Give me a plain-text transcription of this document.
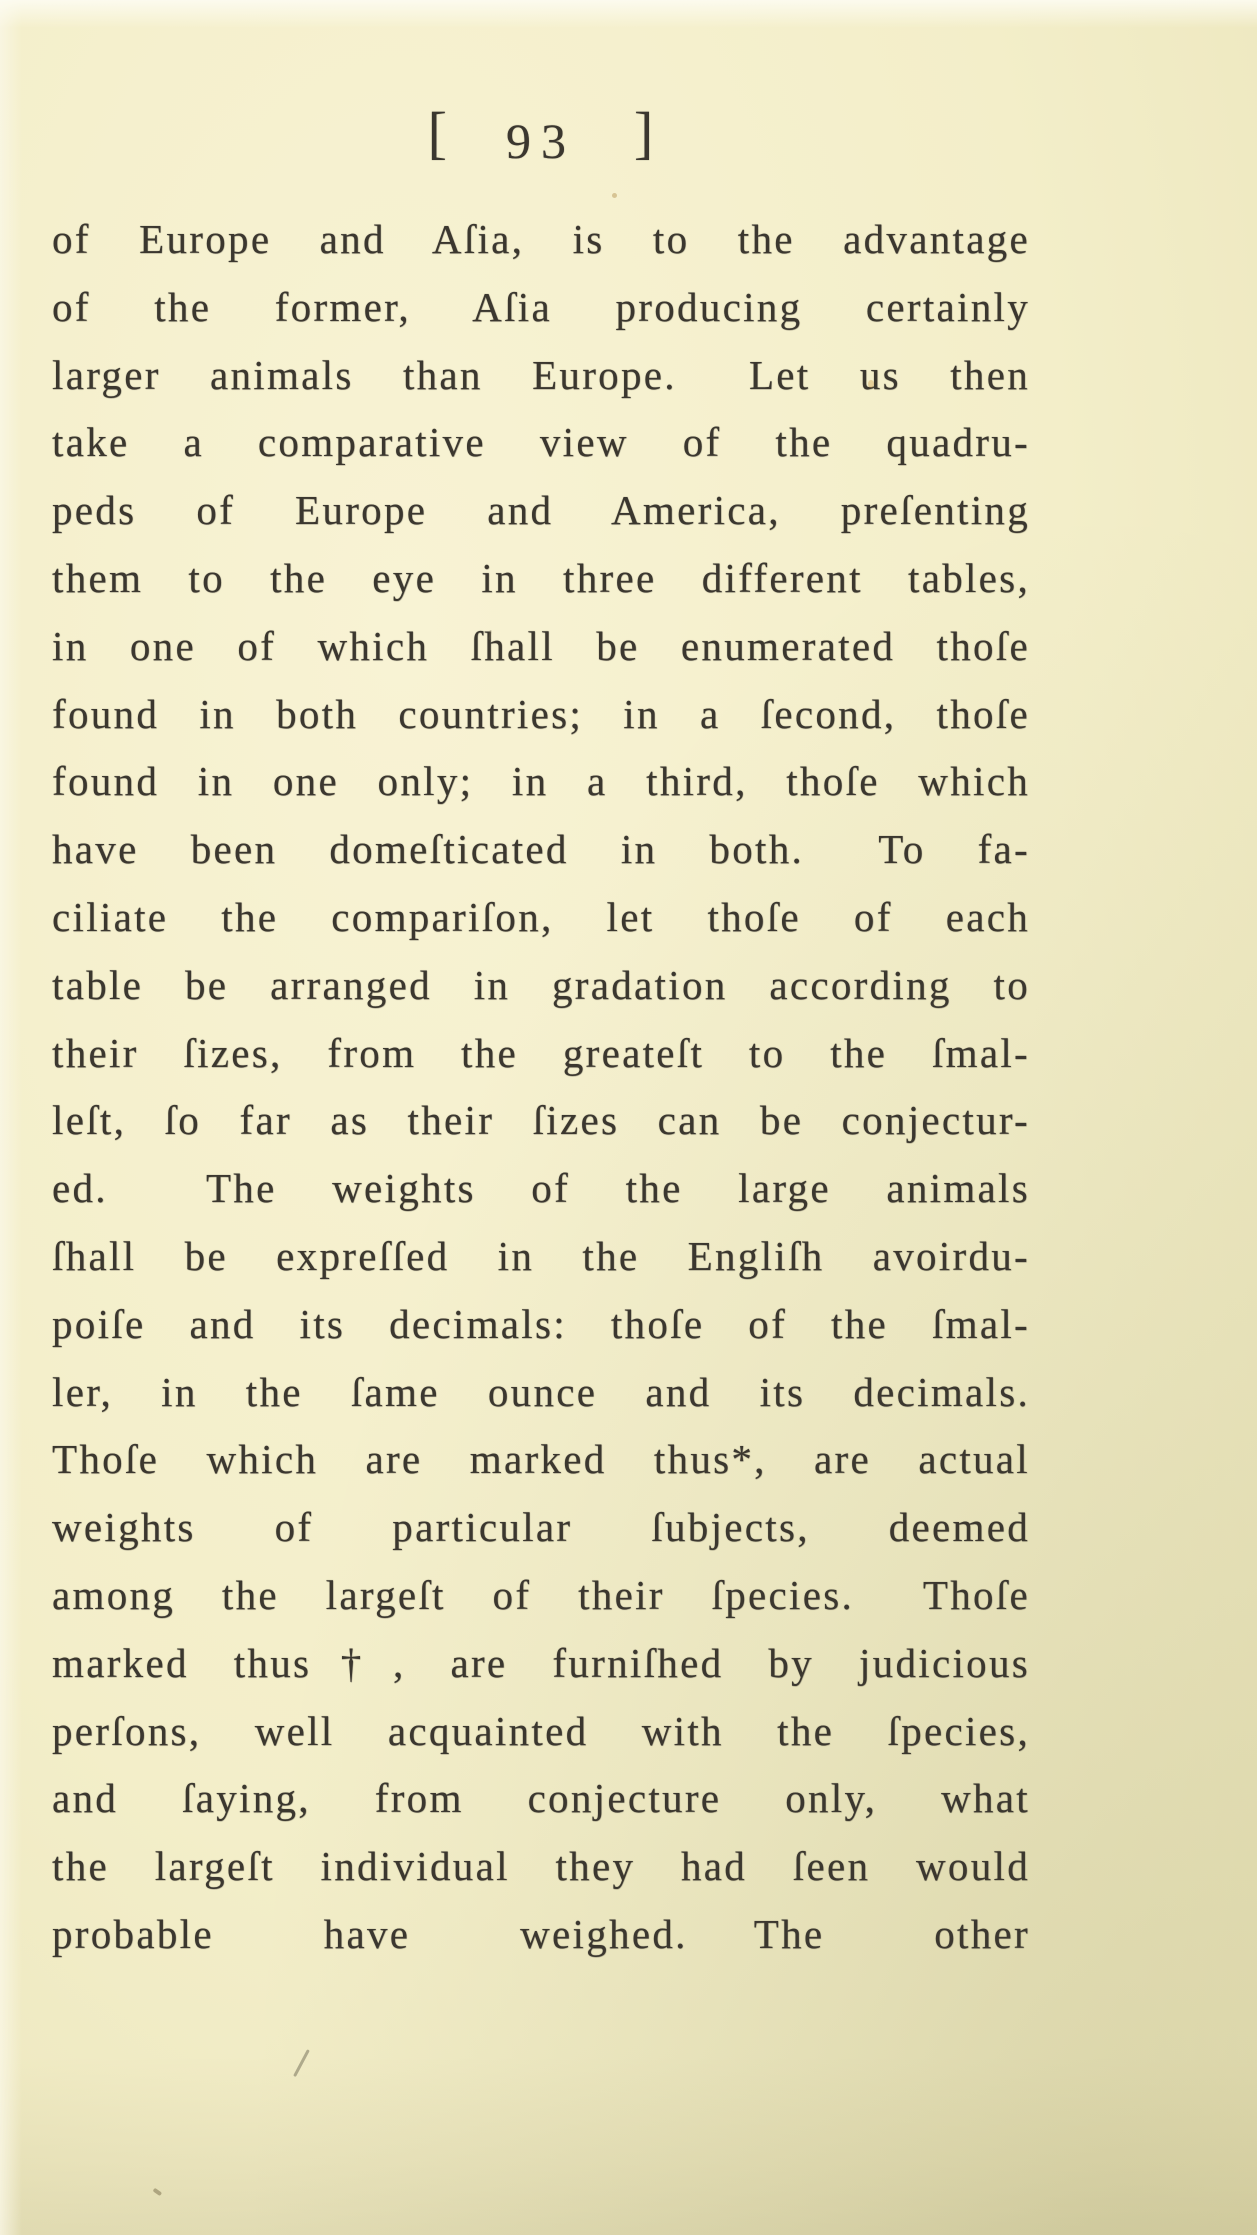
[ 93 ]
of Europe and Aſia, is to the advantage
of the former, Aſia producing certainly
larger animals than Europe.  Let us then
take a comparative view of the quadru-
peds of Europe and America, preſenting
them to the eye in three different tables,
in one of which ſhall be enumerated thoſe
found in both countries; in a ſecond, thoſe
found in one only; in a third, thoſe which
have been domeſticated in both.  To fa-
ciliate the compariſon, let thoſe of each
table be arranged in gradation according to
their ſizes, from the greateſt to the ſmal-
leſt, ſo far as their ſizes can be conjectur-
ed.  The weights of the large animals
ſhall be expreſſed in the Engliſh avoirdu-
poiſe and its decimals: thoſe of the ſmal-
ler, in the ſame ounce and its decimals.
Thoſe which are marked thus*, are actual
weights of particular ſubjects, deemed
among the largeſt of their ſpecies.  Thoſe
marked thus†, are furniſhed by judicious
perſons, well acquainted with the ſpecies,
and ſaying, from conjecture only, what
the largeſt individual they had ſeen would
probable have weighed.  The other
